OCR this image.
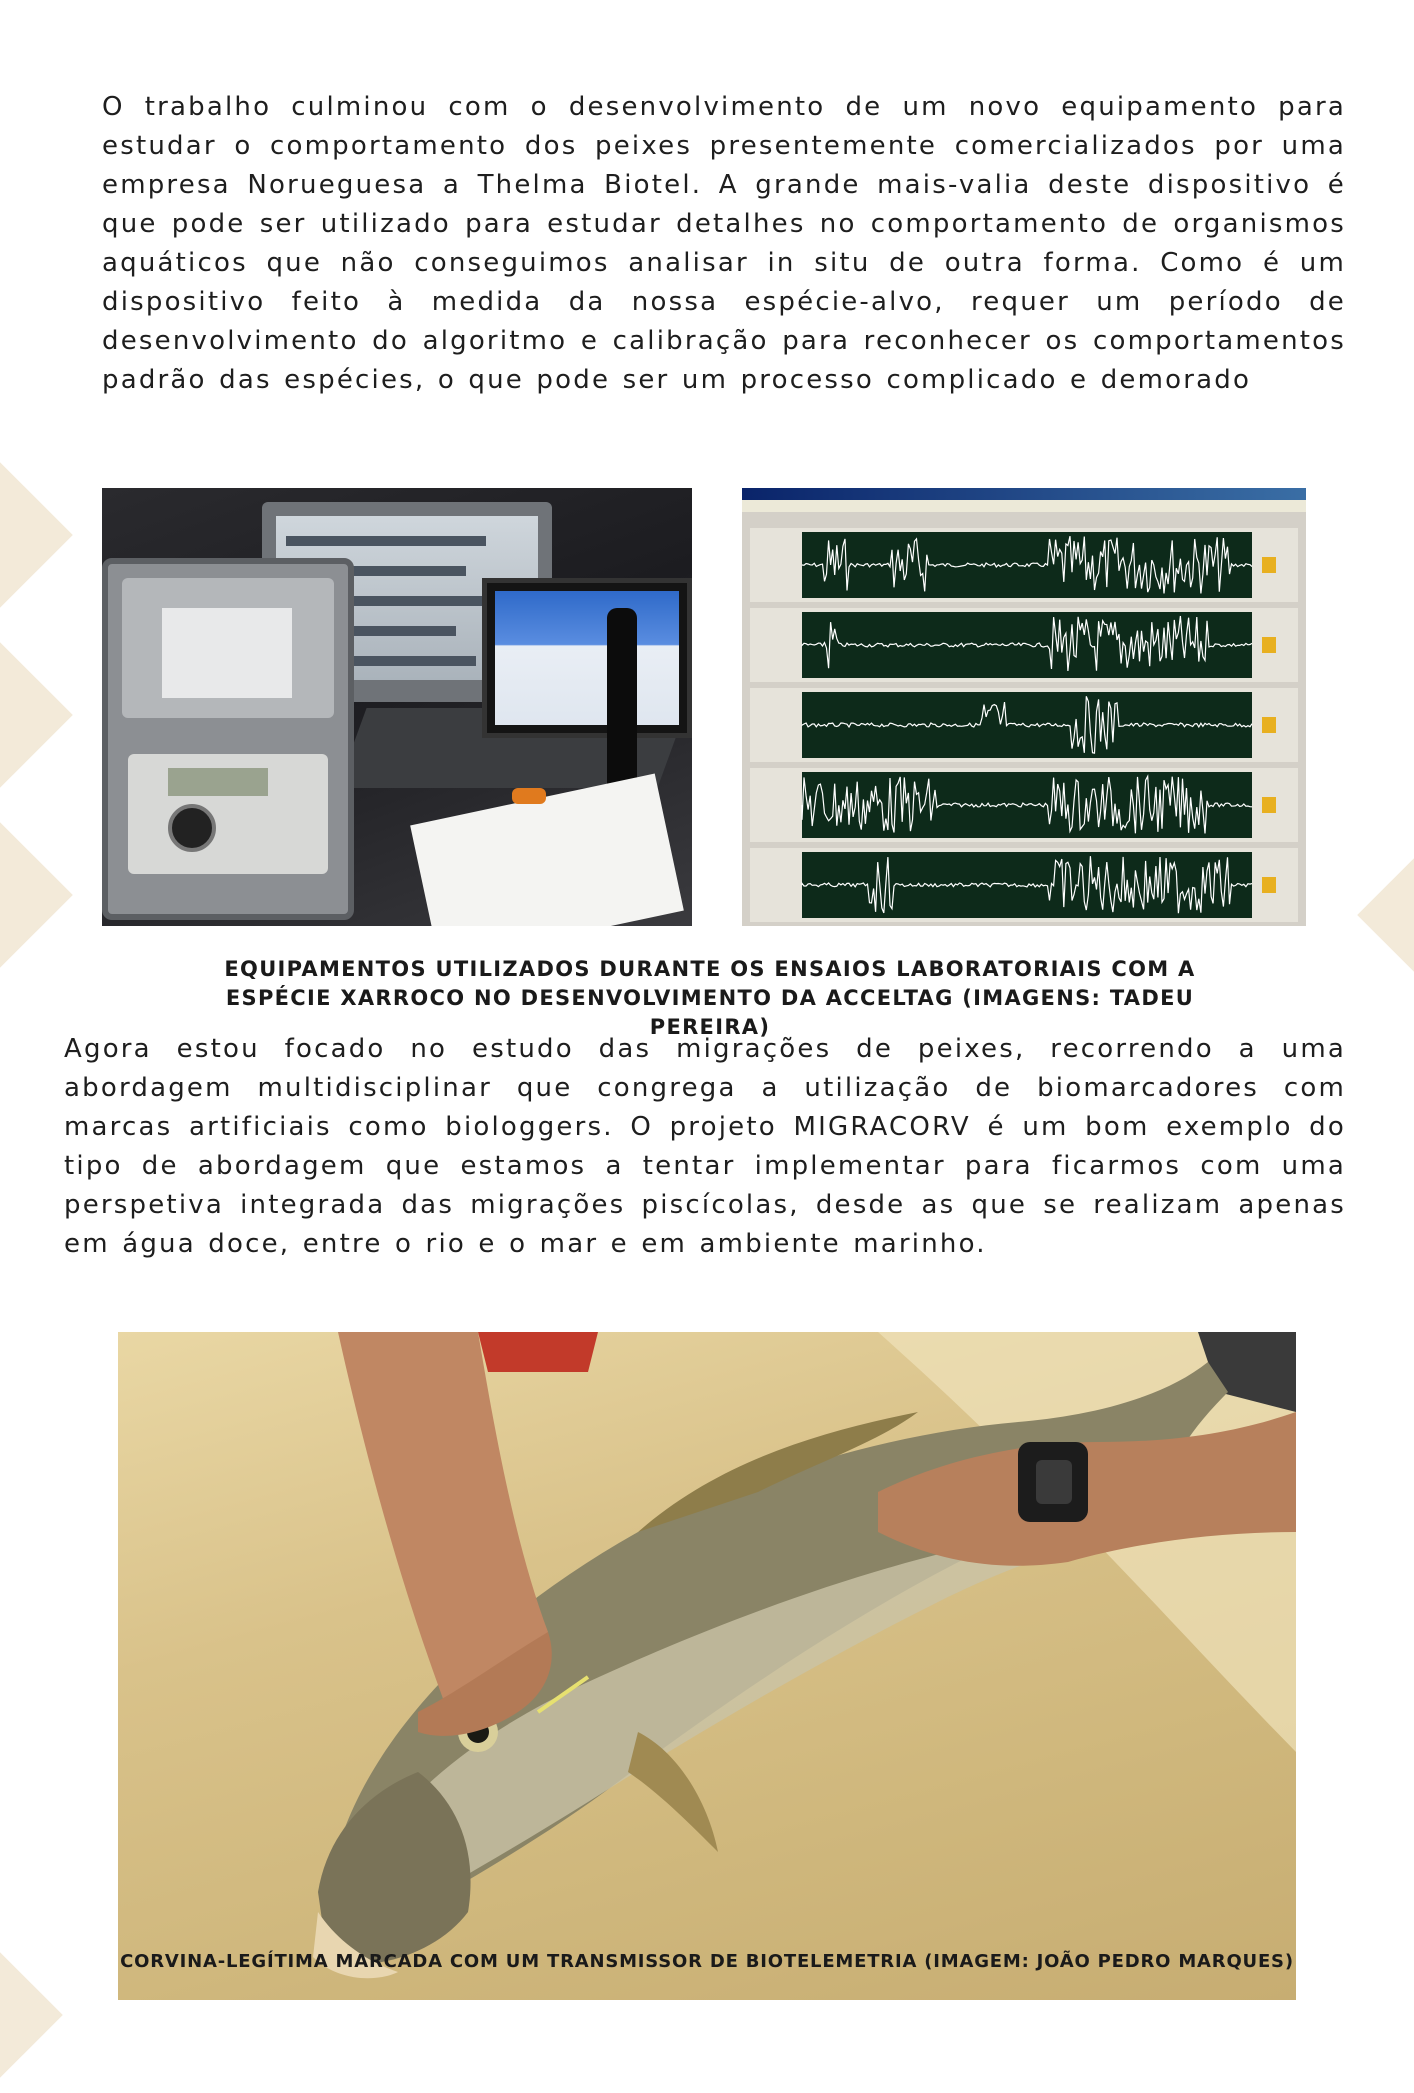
O trabalho culminou com o desenvolvimento de um novo equipamento para estudar o comportamento dos peixes presentemente comercializados por uma empresa Norueguesa a Thelma Biotel. A grande mais-valia deste dispositivo é que pode ser utilizado para estudar detalhes no comportamento de organismos aquáticos que não conseguimos analisar in situ de outra forma. Como é um dispositivo feito à medida da nossa espécie-alvo, requer um período de desenvolvimento do algoritmo e calibração para reconhecer os comportamentos padrão das espécies, o que pode ser um processo complicado e demorado

EQUIPAMENTOS UTILIZADOS DURANTE OS ENSAIOS LABORATORIAIS COM A ESPÉCIE XARROCO NO DESENVOLVIMENTO DA ACCELTAG (IMAGENS: TADEU PEREIRA)

Agora estou focado no estudo das migrações de peixes, recorrendo a uma abordagem multidisciplinar que congrega a utilização de biomarcadores com marcas artificiais como biologgers. O projeto MIGRACORV é um bom exemplo do tipo de abordagem que estamos a tentar implementar para ficarmos com uma perspetiva integrada das migrações piscícolas, desde as que se realizam apenas em água doce, entre o rio e o mar e em ambiente marinho.

CORVINA-LEGÍTIMA MARCADA COM UM TRANSMISSOR DE BIOTELEMETRIA (IMAGEM: JOÃO PEDRO MARQUES)
